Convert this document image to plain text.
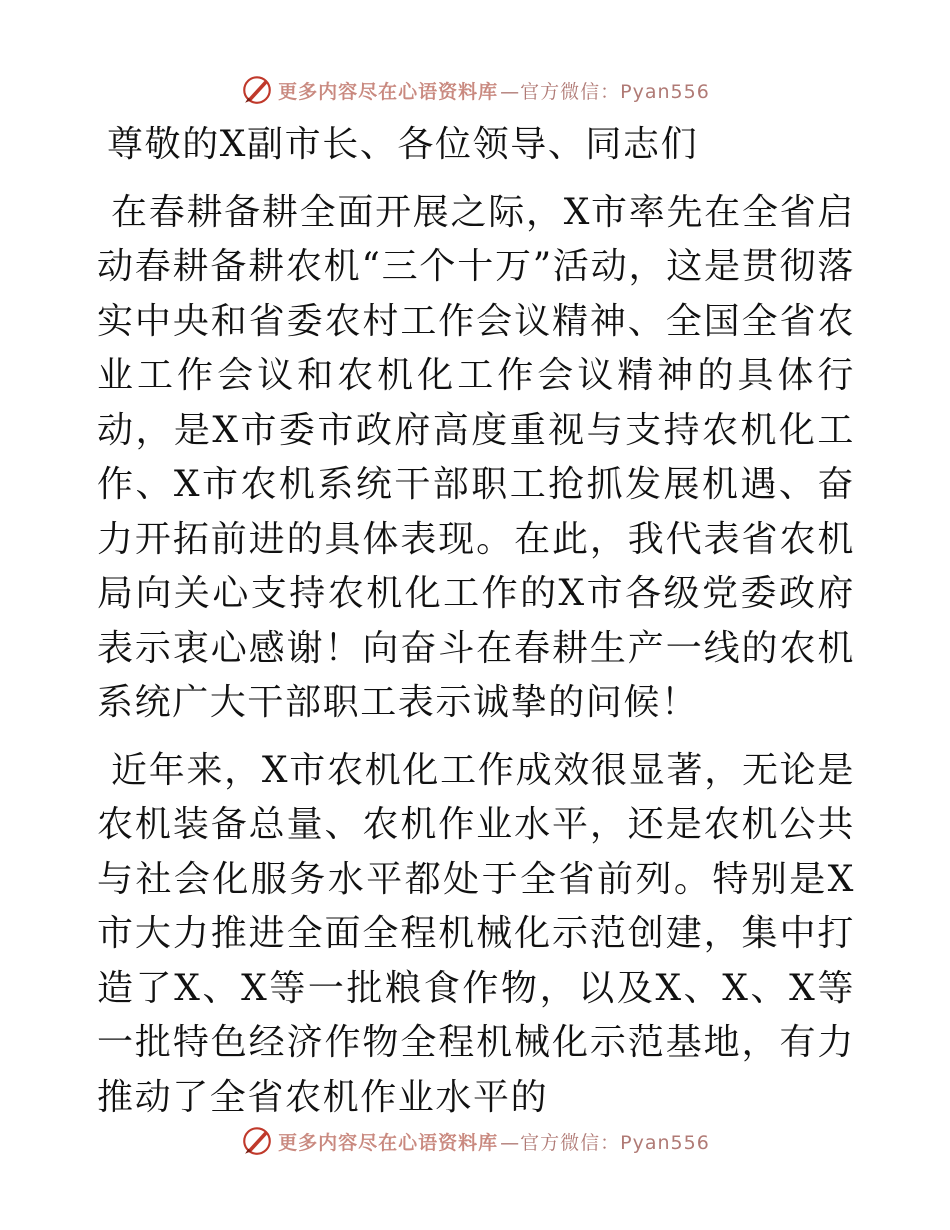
更多内容尽在心语资料库 —官方微信：Pyan556

尊敬的X副市长、各位领导、同志们

在春耕备耕全面开展之际，X市率先在全省启动春耕备耕农机“三个十万”活动，这是贯彻落实中央和省委农村工作会议精神、全国全省农业工作会议和农机化工作会议精神的具体行动，是X市委市政府高度重视与支持农机化工作、X市农机系统干部职工抢抓发展机遇、奋力开拓前进的具体表现。在此，我代表省农机局向关心支持农机化工作的X市各级党委政府表示衷心感谢！向奋斗在春耕生产一线的农机系统广大干部职工表示诚挚的问候！

近年来，X市农机化工作成效很显著，无论是农机装备总量、农机作业水平，还是农机公共与社会化服务水平都处于全省前列。特别是X市大力推进全面全程机械化示范创建，集中打造了X、X等一批粮食作物，以及X、X、X等一批特色经济作物全程机械化示范基地，有力推动了全省农机作业水平的

更多内容尽在心语资料库 —官方微信：Pyan556
